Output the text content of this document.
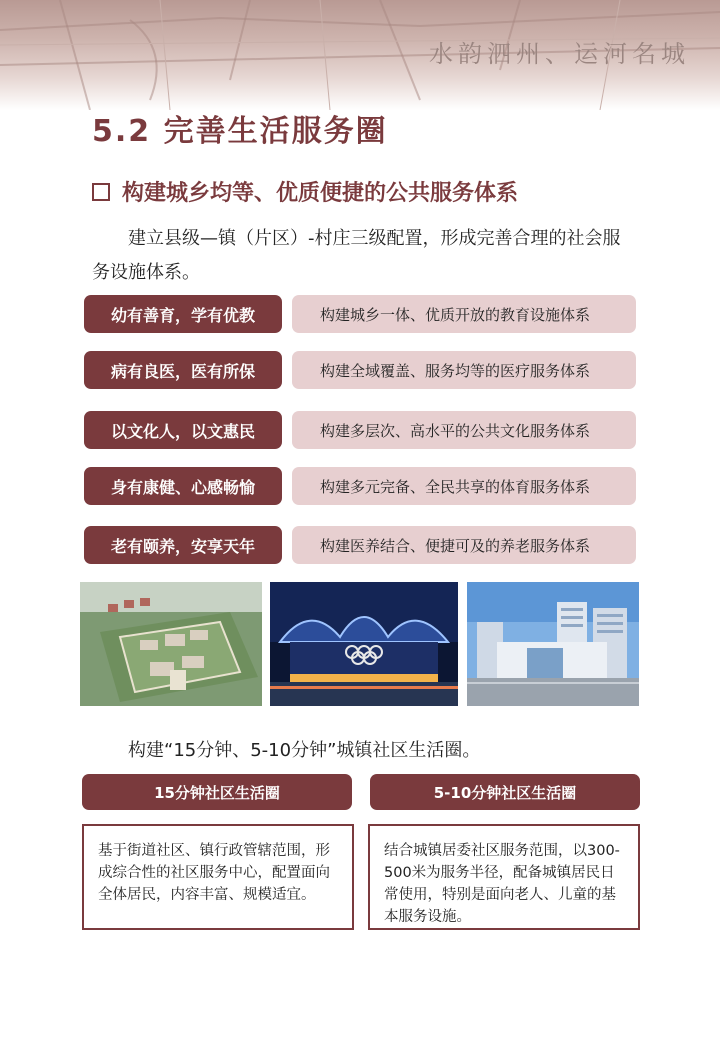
水韵泗州、运河名城
5.2 完善生活服务圈
构建城乡均等、优质便捷的公共服务体系
建立县级—镇（片区）-村庄三级配置，形成完善合理的社会服务设施体系。
幼有善育，学有优教	构建城乡一体、优质开放的教育设施体系
病有良医，医有所保	构建全域覆盖、服务均等的医疗服务体系
以文化人，以文惠民	构建多层次、高水平的公共文化服务体系
身有康健、心感畅愉	构建多元完备、全民共享的体育服务体系
老有颐养，安享天年	构建医养结合、便捷可及的养老服务体系
构建“15分钟、5-10分钟”城镇社区生活圈。
15分钟社区生活圈	5-10分钟社区生活圈
基于街道社区、镇行政管辖范围，形成综合性的社区服务中心，配置面向全体居民，内容丰富、规模适宜。
结合城镇居委社区服务范围，以300-500米为服务半径，配备城镇居民日常使用，特别是面向老人、儿童的基本服务设施。
